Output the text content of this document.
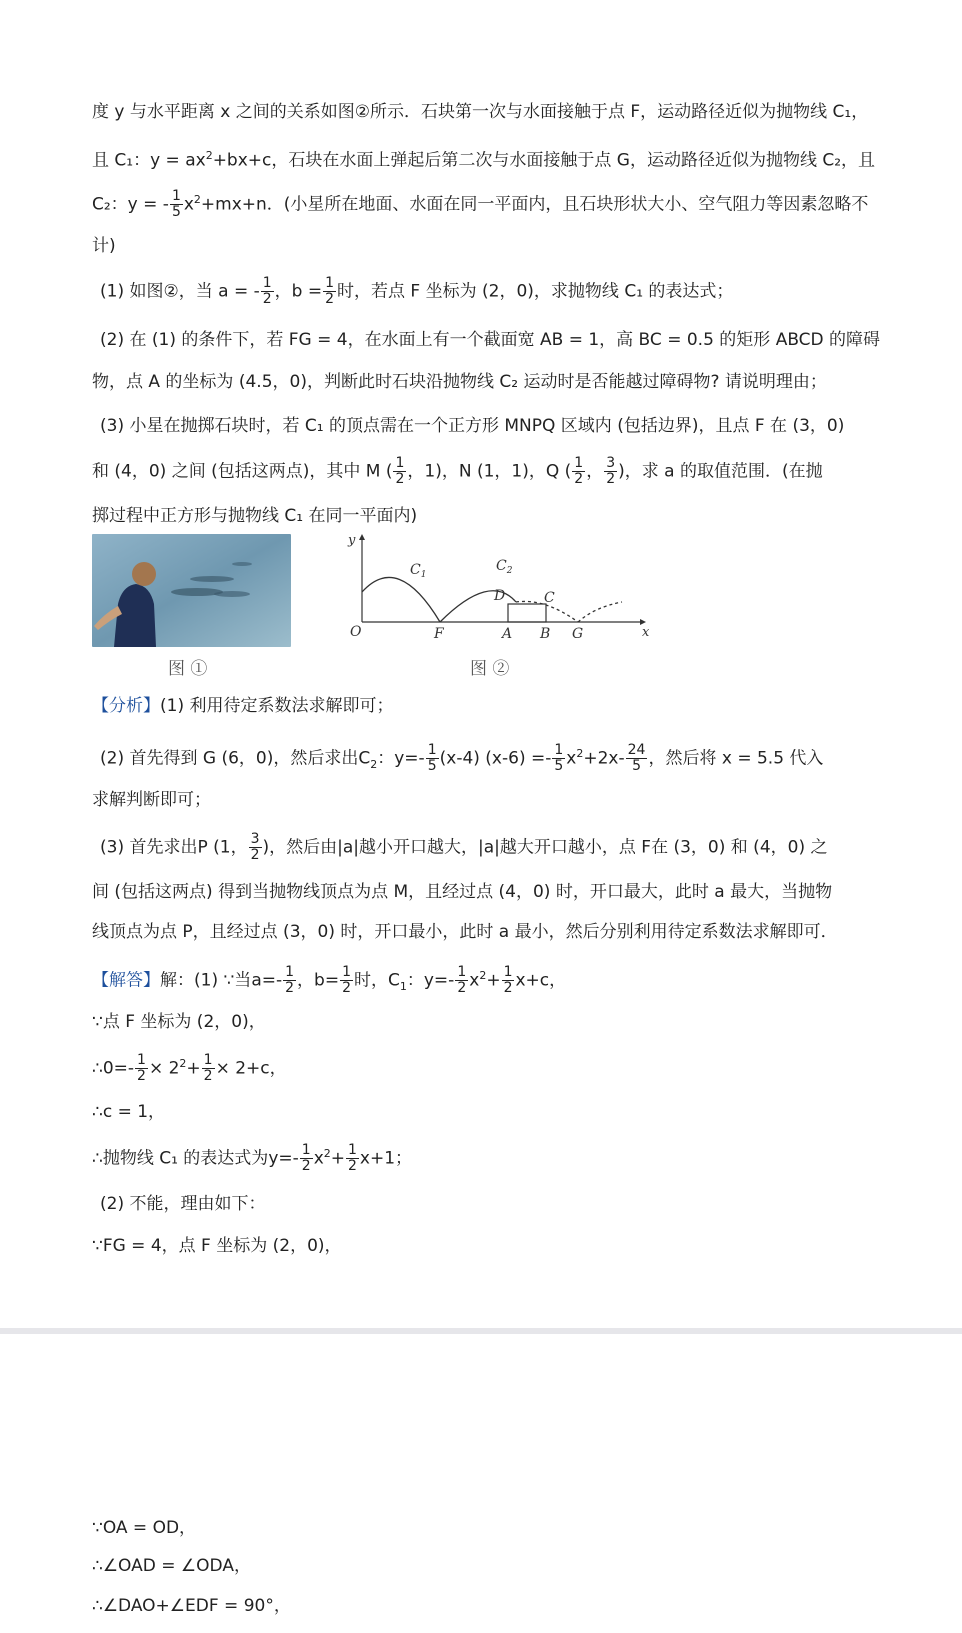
度 y 与水平距离 x 之间的关系如图②所示．石块第一次与水面接触于点 F，运动路径近似为抛物线 C₁，
且 C₁：$y = ax^2+bx+c$，石块在水面上弹起后第二次与水面接触于点 G，运动路径近似为抛物线 C₂，且
C₂：y = - $\frac{1}{5} x^2+mx+n$．(小星所在地面、水面在同一平面内，且石块形状大小、空气阻力等因素忽略不
计)
(1) 如图②，当 a = - $\frac{1}{2}$ ，$b = \frac{1}{2}$ 时，若点 F 坐标为 (2，0)，求抛物线 C₁ 的表达式；
(2) 在 (1) 的条件下，若 FG = 4，在水面上有一个截面宽 AB = 1，高 BC = 0.5 的矩形 ABCD 的障碍
物，点 A 的坐标为 (4.5，0)，判断此时石块沿抛物线 C₂ 运动时是否能越过障碍物? 请说明理由；
(3) 小星在抛掷石块时，若 C₁ 的顶点需在一个正方形 MNPQ 区域内 (包括边界)，且点 F 在 (3，0)
和 (4，0) 之间 (包括这两点)，其中 M ( $\frac{1}{2}$ ，1)，N (1，1)，Q ( $\frac{1}{2}$ ， $\frac{3}{2}$ )，求 a 的取值范围．(在抛
掷过程中正方形与抛物线 C₁ 在同一平面内)
图 ①
y
O
$C_1$
$C_2$
D	C
F	A B G	x
图 ②
【分析】(1) 利用待定系数法求解即可；
(2) 首先得到 G (6，0)，然后求出$C_2$：$y=- \frac{1}{5} (x-4) (x-6) =- \frac{1}{5} x^2+2x- \frac{24}{5}$ ，然后将 x = 5.5 代入
求解判断即可；
(3) 首先求出P (1， $\frac{3}{2}$ )，然后由|a|越小开口越大，|a|越大开口越小，点 F在 (3，0) 和 (4，0) 之
间 (包括这两点) 得到当抛物线顶点为点 M，且经过点 (4，0) 时，开口最大，此时 a 最大，当抛物
线顶点为点 P，且经过点 (3，0) 时，开口最小，此时 a 最小，然后分别利用待定系数法求解即可．
【解答】解：(1) ∵当$a=- \frac{1}{2}$ ，$b= \frac{1}{2}$ 时，$C_1$：$y=- \frac{1}{2} x^2+ \frac{1}{2} x+c$，
∵点 F 坐标为 (2，0)，
∴0=- $\frac{1}{2} \times 2^2+ \frac{1}{2} \times 2+c$，
∴c = 1，
∴抛物线 C₁ 的表达式为$y=- \frac{1}{2} x^2+ \frac{1}{2} x+1$；
(2) 不能，理由如下：
∵FG = 4，点 F 坐标为 (2，0)，
∵OA = OD，
∴∠OAD = ∠ODA，
∴∠DAO+∠EDF = 90°，
